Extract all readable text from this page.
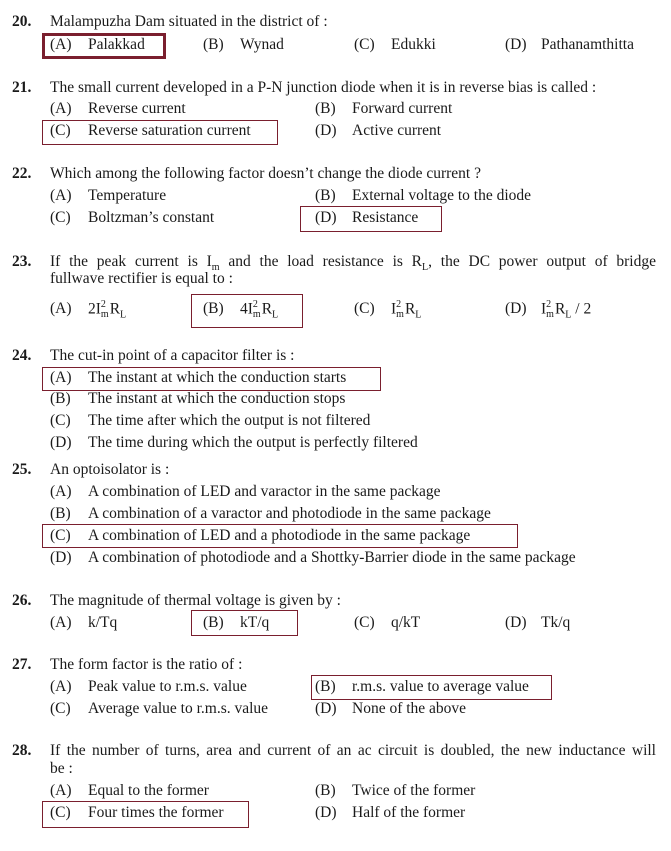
20. Malampuzha Dam situated in the district of :
(A) Palakkad	(B) Wynad	(C) Edukki	(D) Pathanamthitta
21. The small current developed in a P-N junction diode when it is in reverse bias is called :
(A) Reverse current	(B) Forward current
(C) Reverse saturation current	(D) Active current
22. Which among the following factor doesn’t change the diode current ?
(A) Temperature	(B) External voltage to the diode
(C) Boltzman’s constant	(D) Resistance
23. If the peak current is $I_m$ and the load resistance is $R_L$, the DC power output of bridge
fullwave rectifier is equal to :
(A) 2I 2
m $R_L$	(B) 4I 2
m $R_L$	(C) I 2
m $R_L$	(D) I 2
m $R_L / 2$
24. The cut-in point of a capacitor filter is :
(A) The instant at which the conduction starts
(B) The instant at which the conduction stops
(C) The time after which the output is not filtered
(D) The time during which the output is perfectly filtered
25. An optoisolator is :
(A) A combination of LED and varactor in the same package
(B) A combination of a varactor and photodiode in the same package
(C) A combination of LED and a photodiode in the same package
(D) A combination of photodiode and a Shottky-Barrier diode in the same package
26. The magnitude of thermal voltage is given by :
(A) k/Tq	(B) kT/q	(C) q/kT	(D) Tk/q
27. The form factor is the ratio of :
(A) Peak value to r.m.s. value	(B) r.m.s. value to average value
(C) Average value to r.m.s. value	(D) None of the above
28. If the number of turns, area and current of an ac circuit is doubled, the new inductance will
be :
(A) Equal to the former	(B) Twice of the former
(C) Four times the former	(D) Half of the former
